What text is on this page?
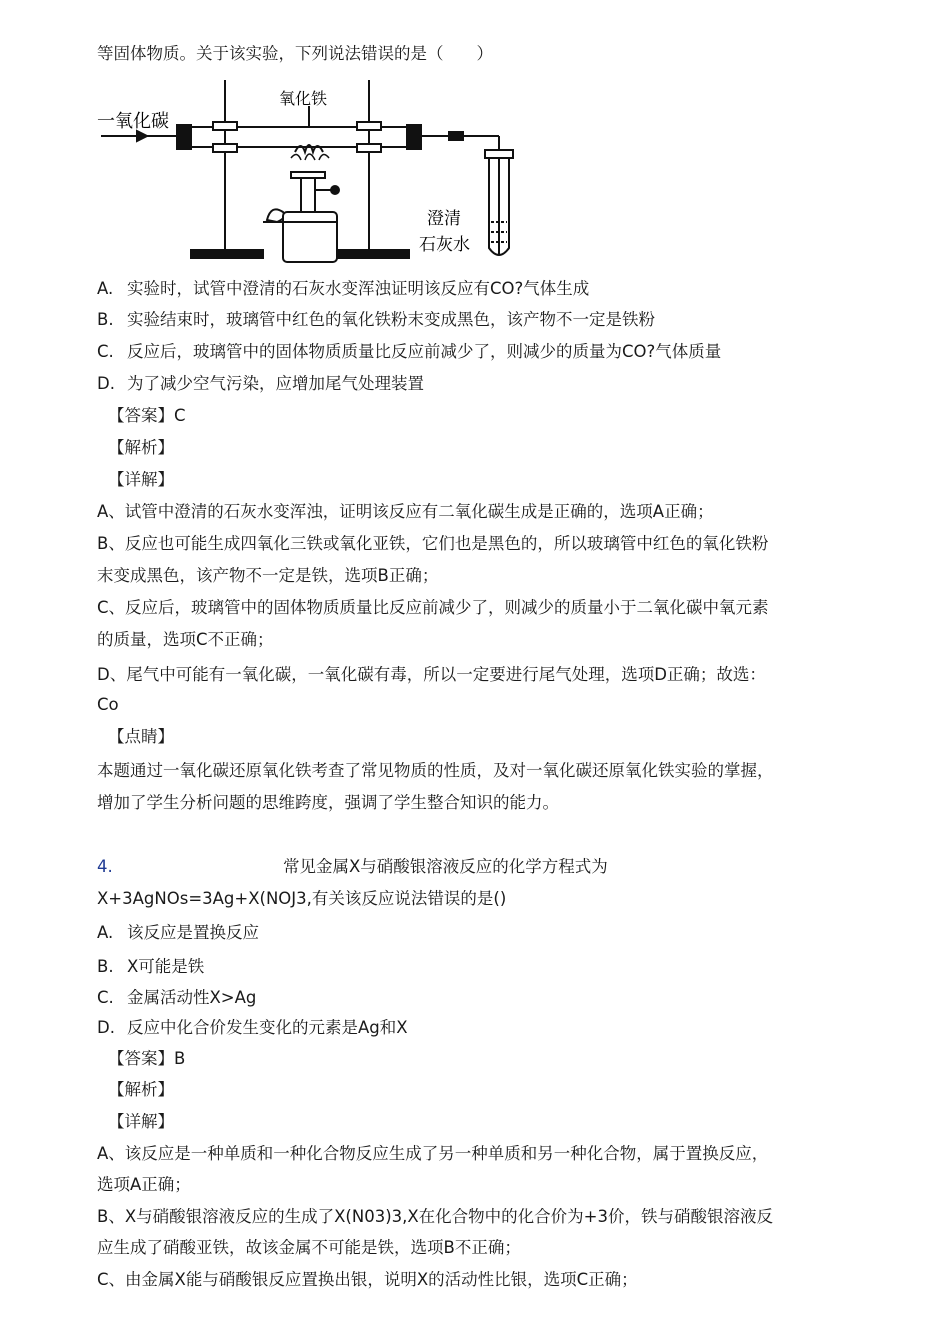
等固体物质。关于该实验，下列说法错误的是（　　）
一氧化碳
氧化铁
澄清
石灰水
A. 实验时，试管中澄清的石灰水变浑浊证明该反应有CO?气体生成
B. 实验结束时，玻璃管中红色的氧化铁粉末变成黑色，该产物不一定是铁粉
C. 反应后，玻璃管中的固体物质质量比反应前减少了，则减少的质量为CO?气体质量
D. 为了减少空气污染，应增加尾气处理装置
【答案】C
【解析】
【详解】
A、试管中澄清的石灰水变浑浊，证明该反应有二氧化碳生成是正确的，选项A正确；
B、反应也可能生成四氧化三铁或氧化亚铁，它们也是黑色的，所以玻璃管中红色的氧化铁粉
末变成黑色，该产物不一定是铁，选项B正确；
C、反应后，玻璃管中的固体物质质量比反应前减少了，则减少的质量小于二氧化碳中氧元素
的质量，选项C不正确；
D、尾气中可能有一氧化碳，一氧化碳有毒，所以一定要进行尾气处理，选项D正确；故选：
Co
【点睛】
本题通过一氧化碳还原氧化铁考查了常见物质的性质，及对一氧化碳还原氧化铁实验的掌握，
增加了学生分析问题的思维跨度，强调了学生整合知识的能力。
4.	常见金属X与硝酸银溶液反应的化学方程式为
X+3AgNOs=3Ag+X(NOJ3,有关该反应说法错误的是()
A. 该反应是置换反应
B. X可能是铁
C. 金属活动性X>Ag
D. 反应中化合价发生变化的元素是Ag和X
【答案】B
【解析】
【详解】
A、该反应是一种单质和一种化合物反应生成了另一种单质和另一种化合物，属于置换反应，
选项A正确；
B、X与硝酸银溶液反应的生成了X(N03)3,X在化合物中的化合价为+3价，铁与硝酸银溶液反
应生成了硝酸亚铁，故该金属不可能是铁，选项B不正确；
C、由金属X能与硝酸银反应置换出银，说明X的活动性比银，选项C正确；
